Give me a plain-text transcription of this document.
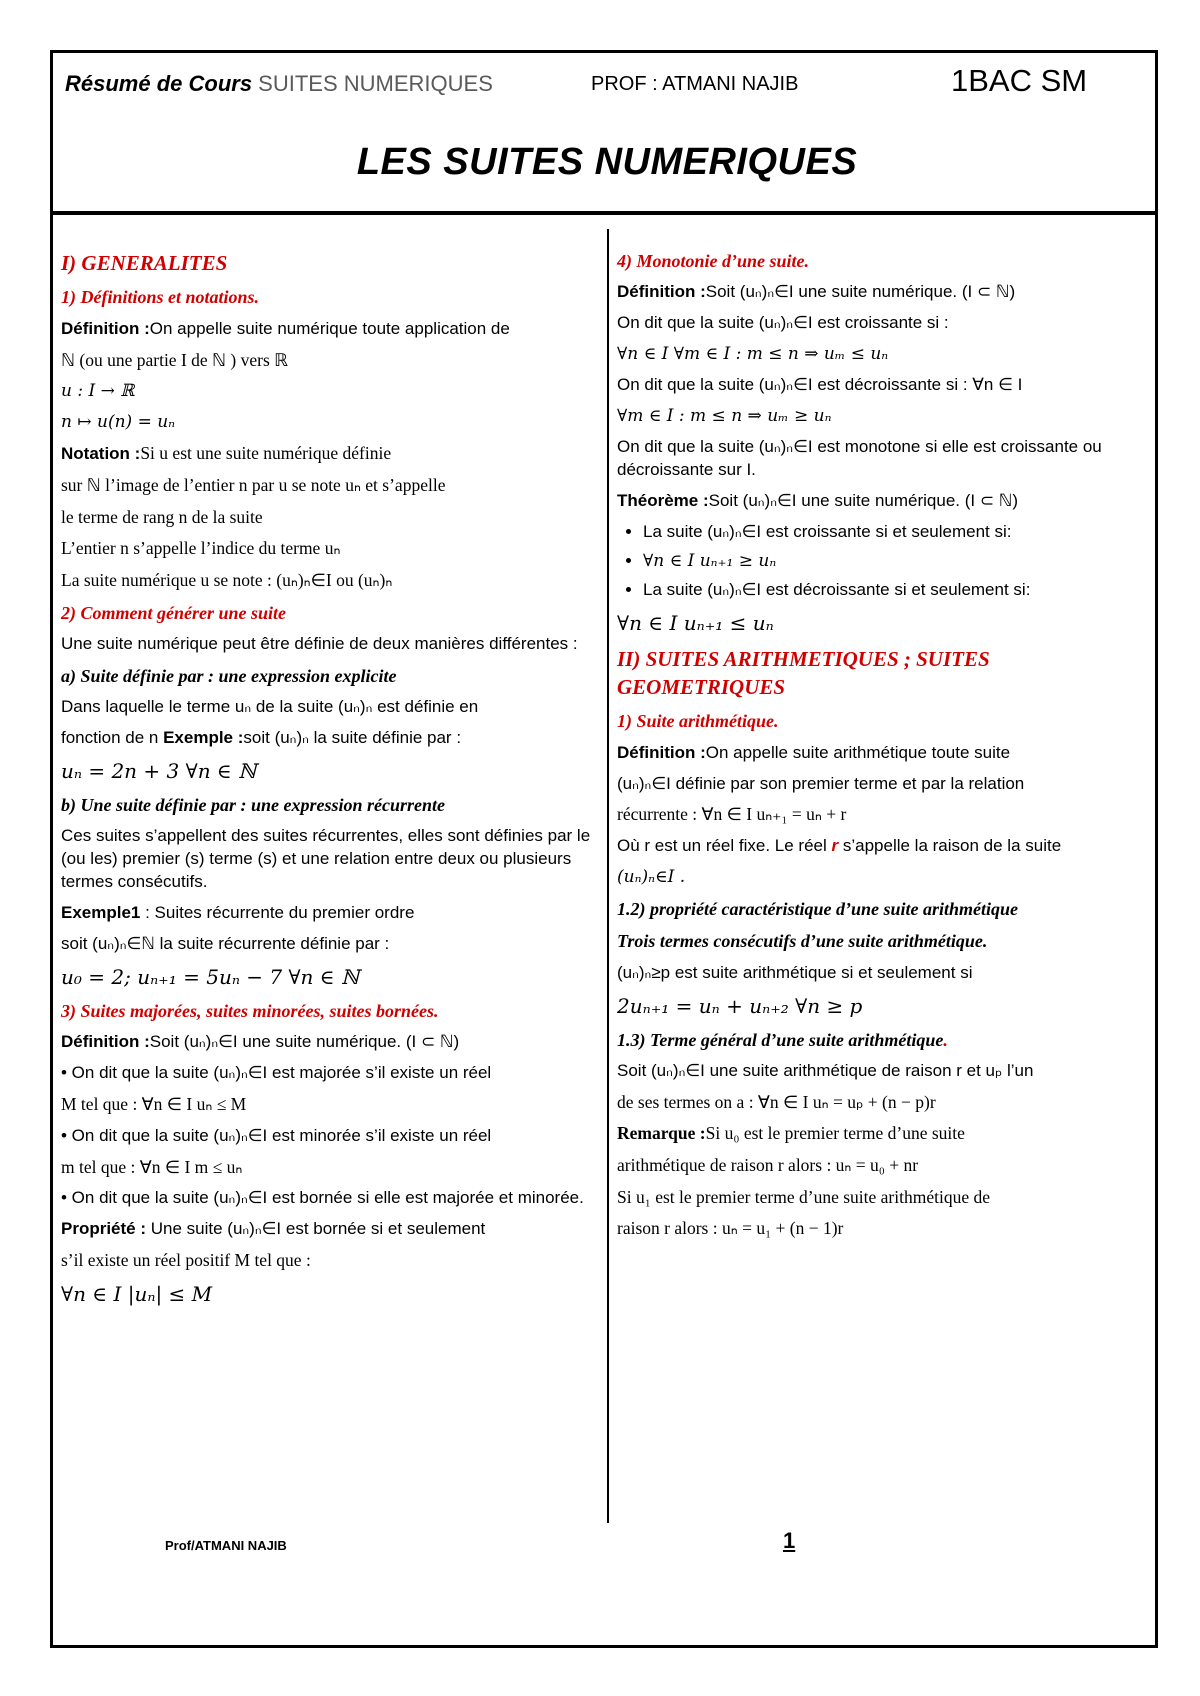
Résumé de Cours SUITES NUMERIQUES	PROF : ATMANI NAJIB	1BAC SM
LES SUITES NUMERIQUES

I) GENERALITES

1) Définitions et notations.

Définition :On appelle suite numérique toute application de

ℕ (ou une partie I de ℕ ) vers ℝ

u : I → ℝ

n ↦ u(n) = uₙ

Notation :Si u est une suite numérique définie

sur ℕ l’image de l’entier n par u se note uₙ et s’appelle

le terme de rang n de la suite

L’entier n s’appelle l’indice du terme uₙ

La suite numérique u se note : (uₙ)ₙ∈I ou (uₙ)ₙ

2) Comment générer une suite

Une suite numérique peut être définie de deux manières différentes :

a) Suite définie par : une expression explicite

Dans laquelle le terme uₙ de la suite (uₙ)ₙ est définie en

fonction de n Exemple :soit (uₙ)ₙ la suite définie par :

uₙ = 2n + 3 ∀n ∈ ℕ

b) Une suite définie par : une expression récurrente

Ces suites s’appellent des suites récurrentes, elles sont définies par le (ou les) premier (s) terme (s) et une relation entre deux ou plusieurs termes consécutifs.

Exemple1 : Suites récurrente du premier ordre

soit (uₙ)ₙ∈ℕ la suite récurrente définie par :

u₀ = 2; uₙ₊₁ = 5uₙ − 7 ∀n ∈ ℕ

3) Suites majorées, suites minorées, suites bornées.

Définition :Soit (uₙ)ₙ∈I une suite numérique. (I ⊂ ℕ)

• On dit que la suite (uₙ)ₙ∈I est majorée s’il existe un réel

M tel que : ∀n ∈ I uₙ ≤ M

• On dit que la suite (uₙ)ₙ∈I est minorée s’il existe un réel

m tel que : ∀n ∈ I m ≤ uₙ

• On dit que la suite (uₙ)ₙ∈I est bornée si elle est majorée et minorée.

Propriété : Une suite (uₙ)ₙ∈I est bornée si et seulement

s’il existe un réel positif M tel que :

∀n ∈ I |uₙ| ≤ M

4) Monotonie d’une suite.

Définition :Soit (uₙ)ₙ∈I une suite numérique. (I ⊂ ℕ)

On dit que la suite (uₙ)ₙ∈I est croissante si :

∀n ∈ I ∀m ∈ I : m ≤ n ⇒ uₘ ≤ uₙ

On dit que la suite (uₙ)ₙ∈I est décroissante si : ∀n ∈ I

∀m ∈ I : m ≤ n ⇒ uₘ ≥ uₙ

On dit que la suite (uₙ)ₙ∈I est monotone si elle est croissante ou décroissante sur I.

Théorème :Soit (uₙ)ₙ∈I une suite numérique. (I ⊂ ℕ)

• La suite (uₙ)ₙ∈I est croissante si et seulement si:
• ∀n ∈ I uₙ₊₁ ≥ uₙ
• La suite (uₙ)ₙ∈I est décroissante si et seulement si:

∀n ∈ I uₙ₊₁ ≤ uₙ

II) SUITES ARITHMETIQUES ; SUITES GEOMETRIQUES

1) Suite arithmétique.

Définition :On appelle suite arithmétique toute suite

(uₙ)ₙ∈I définie par son premier terme et par la relation

récurrente : ∀n ∈ I uₙ₊₁ = uₙ + r

Où r est un réel fixe. Le réel r s’appelle la raison de la suite

(uₙ)ₙ∈I .

1.2) propriété caractéristique d’une suite arithmétique

Trois termes consécutifs d’une suite arithmétique.

(uₙ)ₙ≥p est suite arithmétique si et seulement si

2uₙ₊₁ = uₙ + uₙ₊₂ ∀n ≥ p

1.3) Terme général d’une suite arithmétique.

Soit (uₙ)ₙ∈I une suite arithmétique de raison r et uₚ l’un

de ses termes on a : ∀n ∈ I uₙ = uₚ + (n − p)r

Remarque :Si u₀ est le premier terme d’une suite

arithmétique de raison r alors : uₙ = u₀ + nr

Si u₁ est le premier terme d’une suite arithmétique de

raison r alors : uₙ = u₁ + (n − 1)r

Prof/ATMANI NAJIB	1
